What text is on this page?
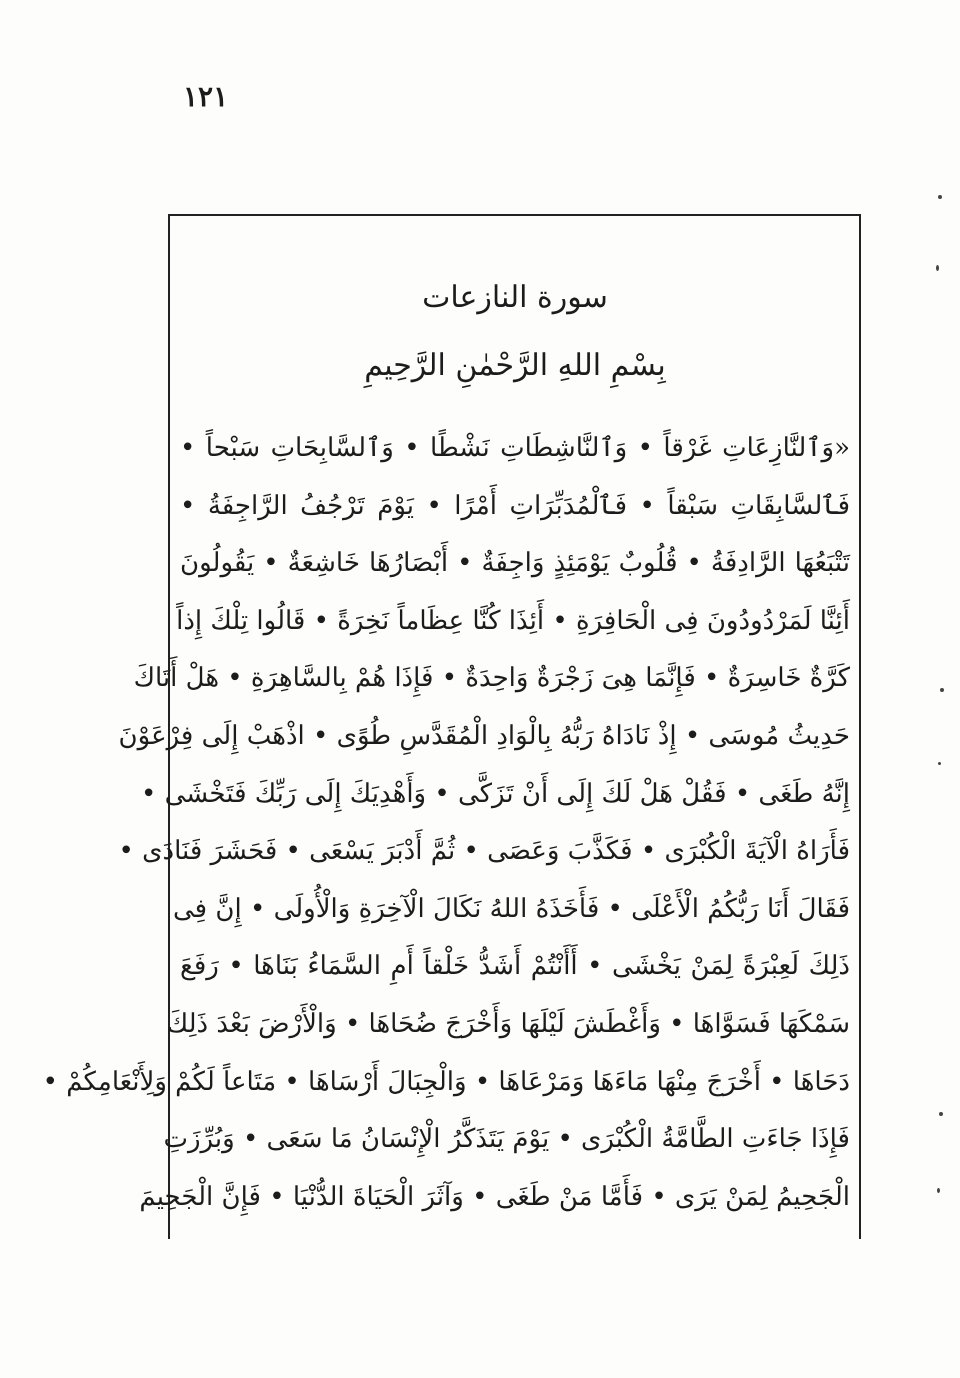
١٢١
سورة النازعات
بِسْمِ اللهِ الرَّحْمٰنِ الرَّحِيمِ
«وَٱلنَّازِعَاتِ غَرْقاً • وَٱلنَّاشِطَاتِ نَشْطًا • وَٱلسَّابِحَاتِ سَبْحاً •
فَٱلسَّابِقَاتِ سَبْقاً • فَٱلْمُدَبِّرَاتِ أَمْرًا • يَوْمَ تَرْجُفُ الرَّاجِفَةُ •
تَتْبَعُهَا الرَّادِفَةُ • قُلُوبٌ يَوْمَئِذٍ وَاجِفَةٌ • أَبْصَارُهَا خَاشِعَةٌ • يَقُولُونَ
أَئِنَّا لَمَرْدُودُونَ فِى الْحَافِرَةِ • أَئِذَا كُنَّا عِظَاماً نَخِرَةً • قَالُوا تِلْكَ إِذاً
كَرَّةٌ خَاسِرَةٌ • فَإِنَّمَا هِىَ زَجْرَةٌ وَاحِدَةٌ • فَإِذَا هُمْ بِالسَّاهِرَةِ • هَلْ أَتَاكَ
حَدِيثُ مُوسَى • إِذْ نَادَاهُ رَبُّهُ بِالْوَادِ الْمُقَدَّسِ طُوًى • اذْهَبْ إِلَى فِرْعَوْنَ
إِنَّهُ طَغَى • فَقُلْ هَلْ لَكَ إِلَى أَنْ تَزَكَّى • وَأَهْدِيَكَ إِلَى رَبِّكَ فَتَخْشَى •
فَأَرَاهُ الْآيَةَ الْكُبْرَى • فَكَذَّبَ وَعَصَى • ثُمَّ أَدْبَرَ يَسْعَى • فَحَشَرَ فَنَادَى •
فَقَالَ أَنَا رَبُّكُمُ الْأَعْلَى • فَأَخَذَهُ اللهُ نَكَالَ الْآخِرَةِ وَالْأُولَى • إِنَّ فِى
ذَلِكَ لَعِبْرَةً لِمَنْ يَخْشَى • أَأَنْتُمْ أَشَدُّ خَلْقاً أَمِ السَّمَاءُ بَنَاهَا • رَفَعَ
سَمْكَهَا فَسَوَّاهَا • وَأَغْطَشَ لَيْلَهَا وَأَخْرَجَ ضُحَاهَا • وَالْأَرْضَ بَعْدَ ذَلِكَ
دَحَاهَا • أَخْرَجَ مِنْهَا مَاءَهَا وَمَرْعَاهَا • وَالْجِبَالَ أَرْسَاهَا • مَتَاعاً لَكُمْ وَلِأَنْعَامِكُمْ •
فَإِذَا جَاءَتِ الطَّامَّةُ الْكُبْرَى • يَوْمَ يَتَذَكَّرُ الْإِنْسَانُ مَا سَعَى • وَبُرِّزَتِ
الْجَحِيمُ لِمَنْ يَرَى • فَأَمَّا مَنْ طَغَى • وَآثَرَ الْحَيَاةَ الدُّنْيَا • فَإِنَّ الْجَحِيمَ
